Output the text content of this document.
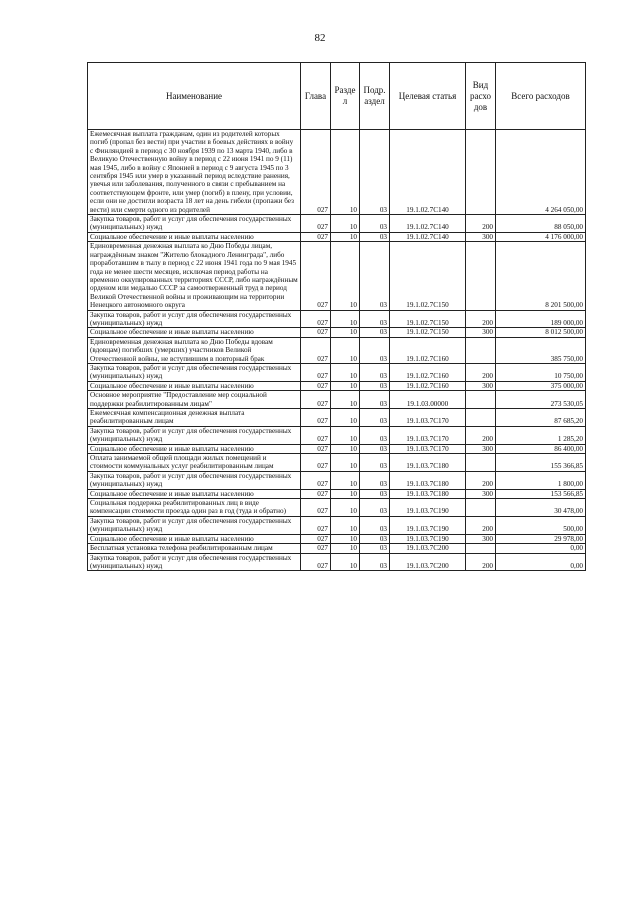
82
Наименование	Глава	Разде л	Подр. аздел	Целевая статья	Вид расхо дов	Всего расходов
Ежемесячная выплата гражданам, один из родителей которых погиб (пропал без вести) при участии в боевых действиях в войну с Финляндией в период с 30 ноября 1939 по 13 марта 1940, либо в Великую Отечественную войну в период с 22 июня 1941 по 9 (11) мая 1945, либо в войну с Японией в период с 9 августа 1945 по 3 сентября 1945 или умер в указанный период вследствие ранения, увечья или заболевания, полученного в связи с пребыванием на соответствующем фронте, или умер (погиб) в плену, при условии, если они не достигли возраста 18 лет на день гибели (пропажи без вести) или смерти одного из родителей	027	10	03	19.1.02.7С140		4 264 050,00
Закупка товаров, работ и услуг для обеспечения государственных (муниципальных) нужд	027	10	03	19.1.02.7С140	200	88 050,00
Социальное обеспечение и иные выплаты населению	027	10	03	19.1.02.7С140	300	4 176 000,00
Единовременная денежная выплата ко Дню Победы лицам, награждённым знаком "Жителю блокадного Ленинграда", либо проработавшим в тылу в период с 22 июня 1941 года по 9 мая 1945 года не менее шести месяцев, исключая период работы на временно оккупированных территориях СССР, либо награждённым орденом или медалью СССР за самоотверженный труд в период Великой Отечественной войны и проживающим на территории Ненецкого автономного округа	027	10	03	19.1.02.7С150		8 201 500,00
Закупка товаров, работ и услуг для обеспечения государственных (муниципальных) нужд	027	10	03	19.1.02.7С150	200	189 000,00
Социальное обеспечение и иные выплаты населению	027	10	03	19.1.02.7С150	300	8 012 500,00
Единовременная денежная выплата ко Дню Победы вдовам (вдовцам) погибших (умерших) участников Великой Отечественной войны, не вступившим в повторный брак	027	10	03	19.1.02.7С160		385 750,00
Закупка товаров, работ и услуг для обеспечения государственных (муниципальных) нужд	027	10	03	19.1.02.7С160	200	10 750,00
Социальное обеспечение и иные выплаты населению	027	10	03	19.1.02.7С160	300	375 000,00
Основное мероприятие "Предоставление мер социальной поддержки реабилитированным лицам"	027	10	03	19.1.03.00000		273 530,05
Ежемесячная компенсационная денежная выплата реабилитированным лицам	027	10	03	19.1.03.7С170		87 685,20
Закупка товаров, работ и услуг для обеспечения государственных (муниципальных) нужд	027	10	03	19.1.03.7С170	200	1 285,20
Социальное обеспечение и иные выплаты населению	027	10	03	19.1.03.7С170	300	86 400,00
Оплата занимаемой общей площади жилых помещений и стоимости коммунальных услуг реабилитированным лицам	027	10	03	19.1.03.7С180		155 366,85
Закупка товаров, работ и услуг для обеспечения государственных (муниципальных) нужд	027	10	03	19.1.03.7С180	200	1 800,00
Социальное обеспечение и иные выплаты населению	027	10	03	19.1.03.7С180	300	153 566,85
Социальная поддержка реабилитированных лиц в виде компенсации стоимости проезда один раз в год (туда и обратно)	027	10	03	19.1.03.7С190		30 478,00
Закупка товаров, работ и услуг для обеспечения государственных (муниципальных) нужд	027	10	03	19.1.03.7С190	200	500,00
Социальное обеспечение и иные выплаты населению	027	10	03	19.1.03.7С190	300	29 978,00
Бесплатная установка телефона реабилитированным лицам	027	10	03	19.1.03.7С200		0,00
Закупка товаров, работ и услуг для обеспечения государственных (муниципальных) нужд	027	10	03	19.1.03.7С200	200	0,00
